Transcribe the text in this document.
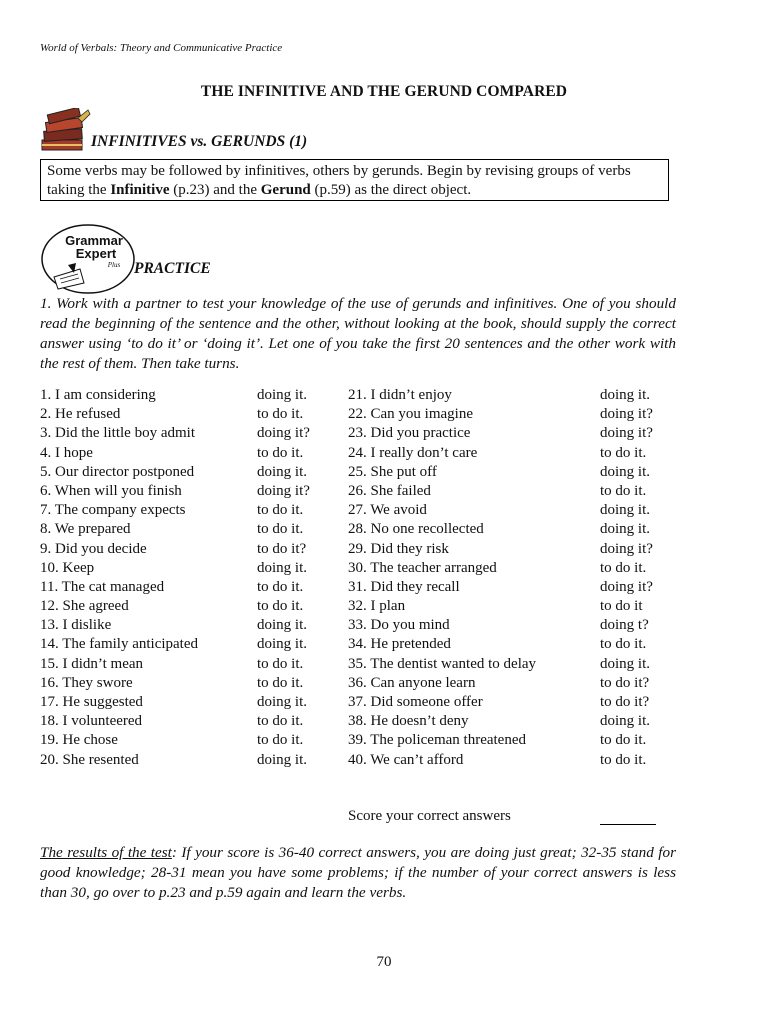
World of Verbals: Theory and Communicative Practice
THE INFINITIVE AND THE GERUND COMPARED
INFINITIVES vs. GERUNDS (1)
Some verbs may be followed by infinitives, others by gerunds. Begin by revising groups of verbs taking the Infinitive (p.23) and the Gerund (p.59) as the direct object.
Grammar
Expert
Plus PRACTICE
1. Work with a partner to test your knowledge of the use of gerunds and infinitives. One of you should read the beginning of the sentence and the other, without looking at the book, should supply the correct answer using ‘to do it’ or ‘doing it’. Let one of you take the first 20 sentences and the other work with the rest of them. Then take turns.
1. I am considering	doing it.
2. He refused	to do it.
3. Did the little boy admit	doing it?
4. I hope	to do it.
5. Our director postponed	doing it.
6. When will you finish	doing it?
7. The company expects	to do it.
8. We prepared	to do it.
9. Did you decide	to do it?
10. Keep	doing it.
11. The cat managed	to do it.
12. She agreed	to do it.
13. I dislike	doing it.
14. The family anticipated	doing it.
15. I didn’t mean	to do it.
16. They swore	to do it.
17. He suggested	doing it.
18. I volunteered	to do it.
19. He chose	to do it.
20. She resented	doing it.
21. I didn’t enjoy	doing it.
22. Can you imagine	doing it?
23. Did you practice	doing it?
24. I really don’t care	to do it.
25. She put off	doing it.
26. She failed	to do it.
27. We avoid	doing it.
28. No one recollected	doing it.
29. Did they risk	doing it?
30. The teacher arranged	to do it.
31. Did they recall	doing it?
32. I plan	to do it
33. Do you mind	doing t?
34. He pretended	to do it.
35. The dentist wanted to delay	doing it.
36. Can anyone learn	to do it?
37. Did someone offer	to do it?
38. He doesn’t deny	doing it.
39. The policeman threatened	to do it.
40. We can’t afford	to do it.
Score your correct answers
The results of the test: If your score is 36-40 correct answers, you are doing just great; 32-35 stand for good knowledge; 28-31 mean you have some problems; if the number of your correct answers is less than 30, go over to p.23 and p.59 again and learn the verbs.
70
